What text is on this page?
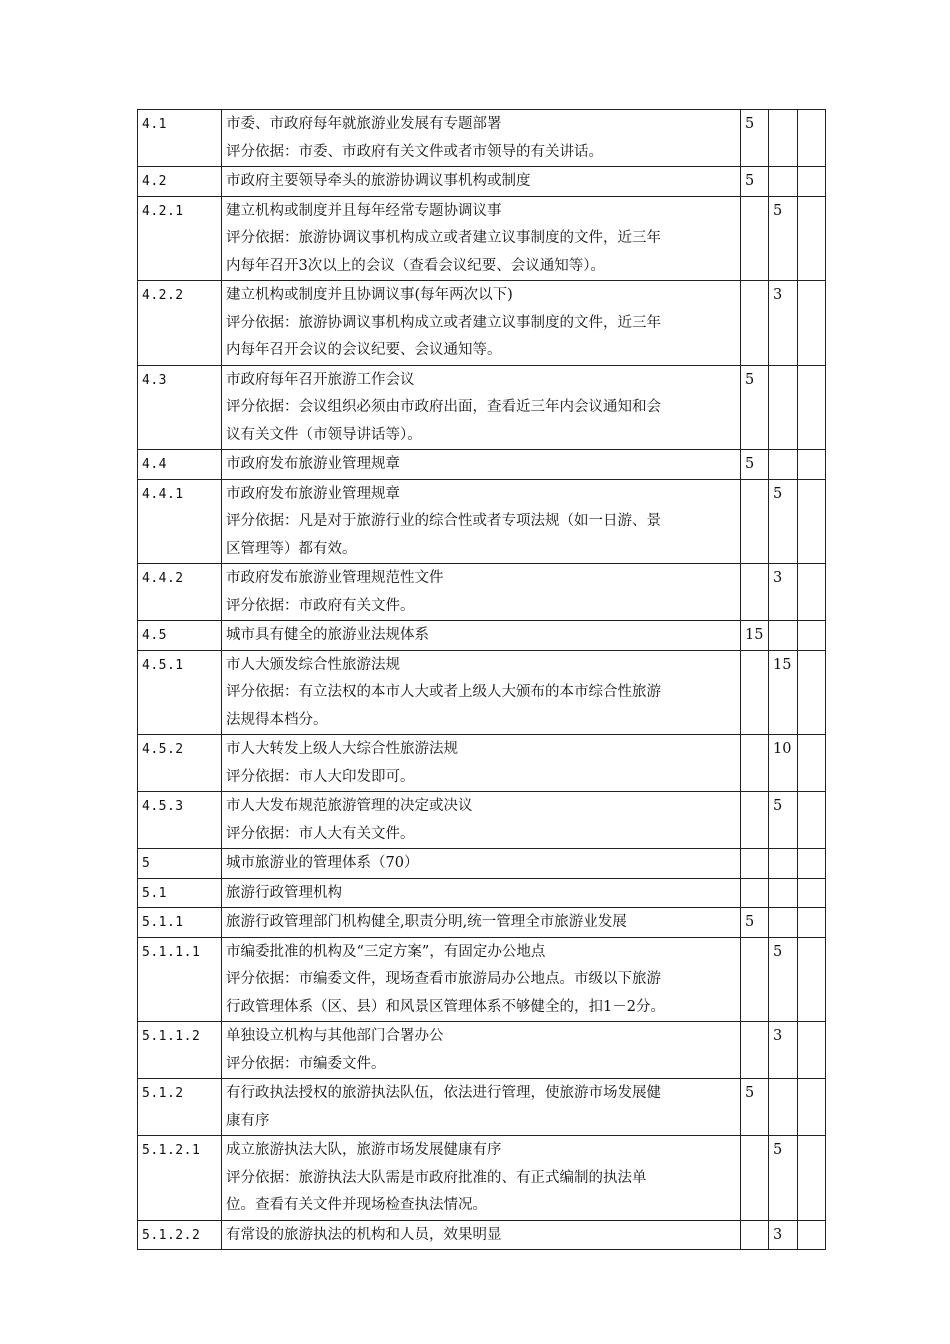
4.1	市委、市政府每年就旅游业发展有专题部署
评分依据：市委、市政府有关文件或者市领导的有关讲话。	5		
4.2	市政府主要领导牵头的旅游协调议事机构或制度	5		
4.2.1	建立机构或制度并且每年经常专题协调议事
评分依据：旅游协调议事机构成立或者建立议事制度的文件，近三年
内每年召开3次以上的会议（查看会议纪要、会议通知等）。		5	
4.2.2	建立机构或制度并且协调议事(每年两次以下)
评分依据：旅游协调议事机构成立或者建立议事制度的文件，近三年
内每年召开会议的会议纪要、会议通知等。		3	
4.3	市政府每年召开旅游工作会议
评分依据：会议组织必须由市政府出面，查看近三年内会议通知和会
议有关文件（市领导讲话等）。	5		
4.4	市政府发布旅游业管理规章	5		
4.4.1	市政府发布旅游业管理规章
评分依据：凡是对于旅游行业的综合性或者专项法规（如一日游、景
区管理等）都有效。		5	
4.4.2	市政府发布旅游业管理规范性文件
评分依据：市政府有关文件。		3	
4.5	城市具有健全的旅游业法规体系	15		
4.5.1	市人大颁发综合性旅游法规
评分依据：有立法权的本市人大或者上级人大颁布的本市综合性旅游
法规得本档分。		15	
4.5.2	市人大转发上级人大综合性旅游法规
评分依据：市人大印发即可。		10	
4.5.3	市人大发布规范旅游管理的决定或决议
评分依据：市人大有关文件。		5	
5	城市旅游业的管理体系（70）			

5.1	旅游行政管理机构			

5.1.1	旅游行政管理部门机构健全,职责分明,统一管理全市旅游业发展	5		
5.1.1.1	市编委批准的机构及“三定方案”，有固定办公地点
评分依据：市编委文件，现场查看市旅游局办公地点。市级以下旅游
行政管理体系（区、县）和风景区管理体系不够健全的，扣1－2分。		5	
5.1.1.2	单独设立机构与其他部门合署办公
评分依据：市编委文件。		3	
5.1.2	有行政执法授权的旅游执法队伍，依法进行管理，使旅游市场发展健
康有序	5		
5.1.2.1	成立旅游执法大队，旅游市场发展健康有序
评分依据：旅游执法大队需是市政府批准的、有正式编制的执法单
位。查看有关文件并现场检查执法情况。		5	
5.1.2.2	有常设的旅游执法的机构和人员，效果明显		3	
